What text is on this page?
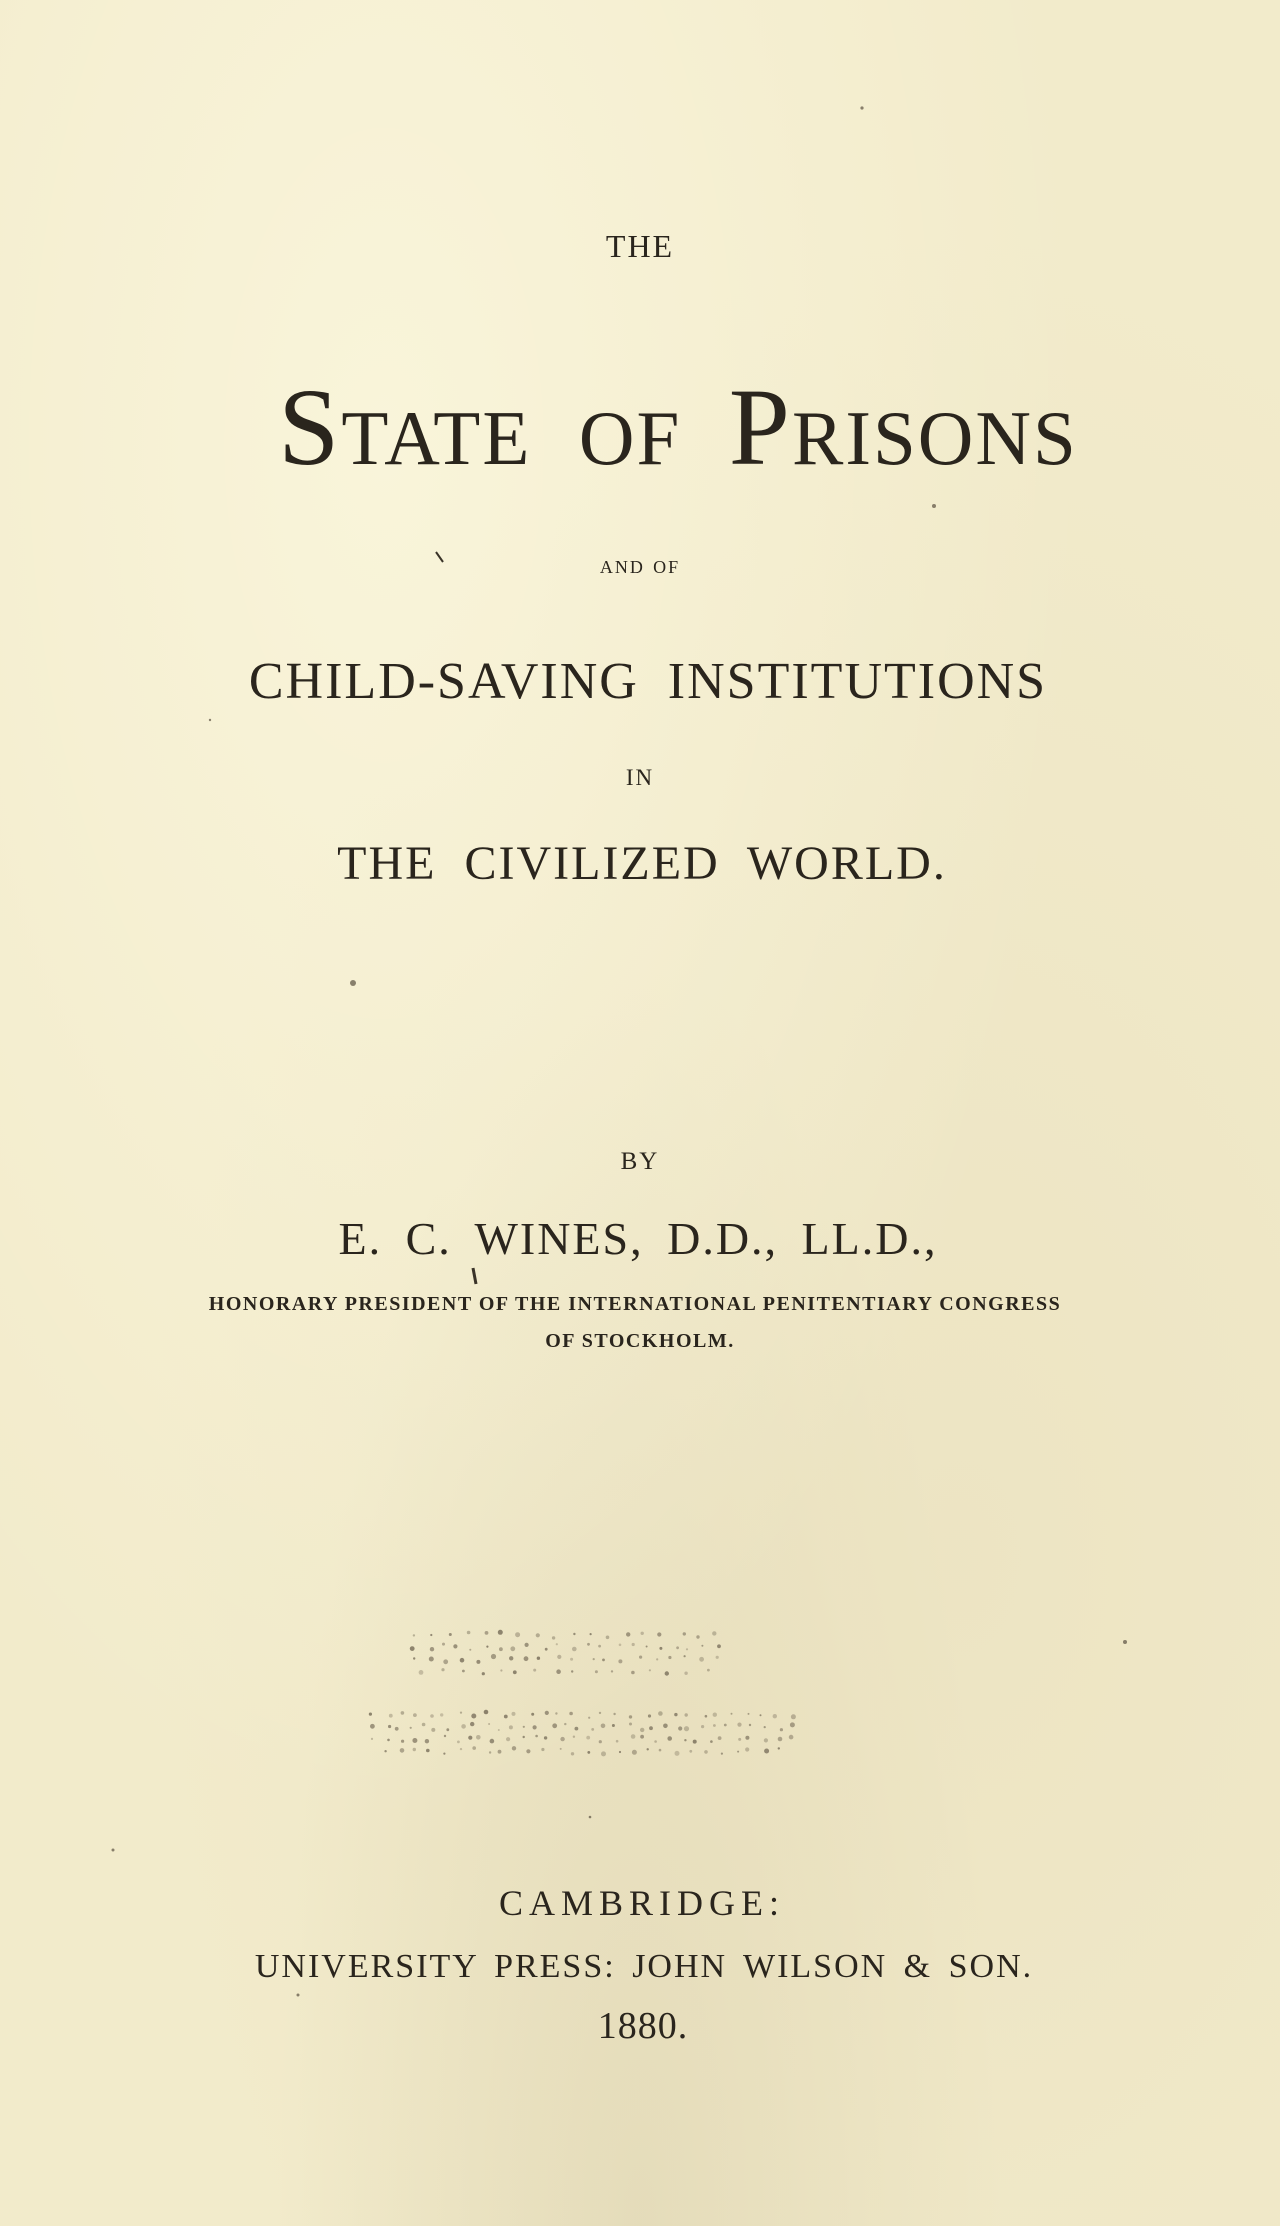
THE
State of Prisons
and of
CHILD-SAVING INSTITUTIONS
IN
THE CIVILIZED WORLD.
BY
E. C. WINES, D.D., LL.D.,
HONORARY PRESIDENT OF THE INTERNATIONAL PENITENTIARY CONGRESS
OF STOCKHOLM.
CAMBRIDGE:
UNIVERSITY PRESS: JOHN WILSON & SON.
1880.
